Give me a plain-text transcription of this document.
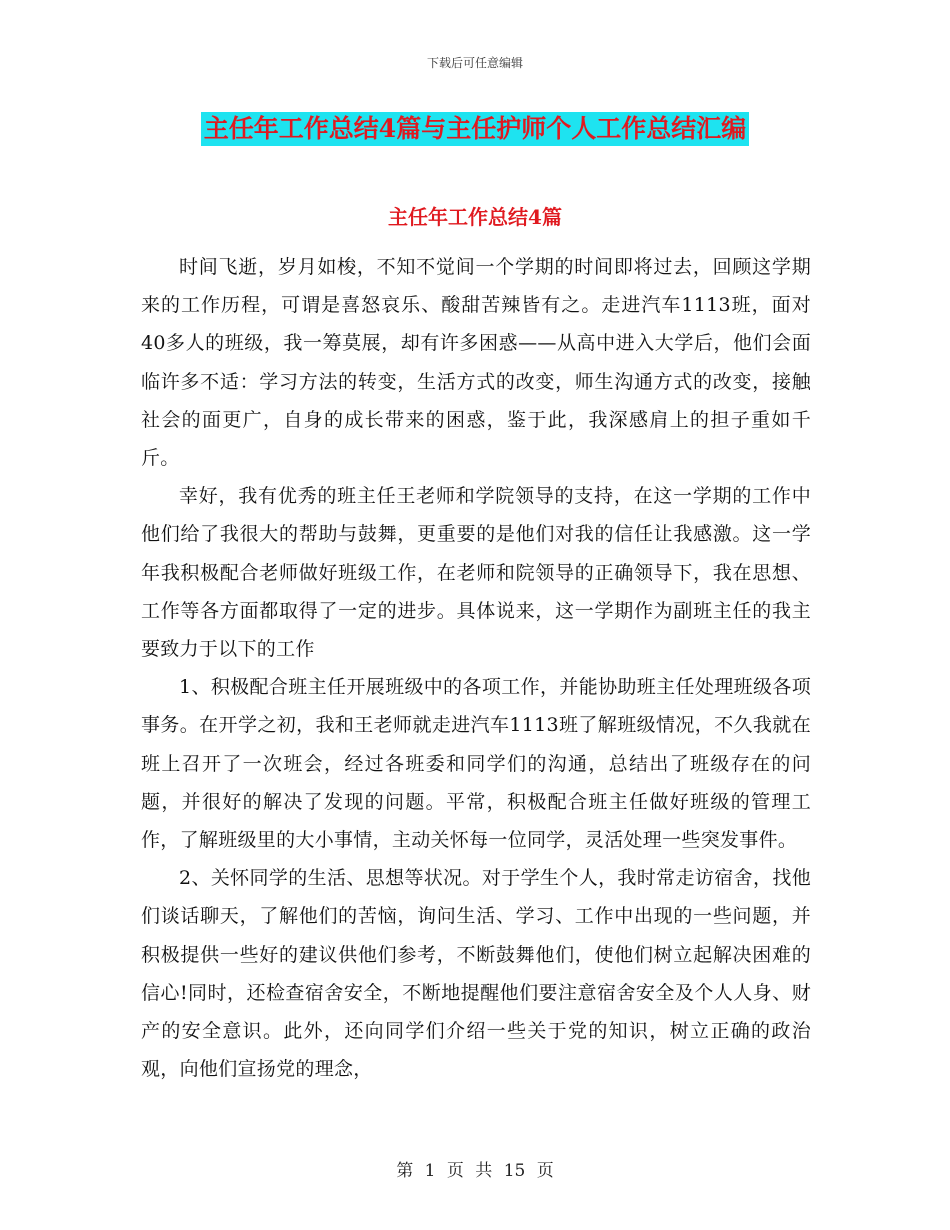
下载后可任意编辑
主任年工作总结4篇与主任护师个人工作总结汇编
主任年工作总结4篇

时间飞逝，岁月如梭，不知不觉间一个学期的时间即将过去，回顾这学期来的工作历程，可谓是喜怒哀乐、酸甜苦辣皆有之。走进汽车1113班，面对40多人的班级，我一筹莫展，却有许多困惑——从高中进入大学后，他们会面临许多不适：学习方法的转变，生活方式的改变，师生沟通方式的改变，接触社会的面更广，自身的成长带来的困惑，鉴于此，我深感肩上的担子重如千斤。

幸好，我有优秀的班主任王老师和学院领导的支持，在这一学期的工作中他们给了我很大的帮助与鼓舞，更重要的是他们对我的信任让我感激。这一学年我积极配合老师做好班级工作，在老师和院领导的正确领导下，我在思想、工作等各方面都取得了一定的进步。具体说来，这一学期作为副班主任的我主要致力于以下的工作

1、积极配合班主任开展班级中的各项工作，并能协助班主任处理班级各项事务。在开学之初，我和王老师就走进汽车1113班了解班级情况，不久我就在班上召开了一次班会，经过各班委和同学们的沟通，总结出了班级存在的问题，并很好的解决了发现的问题。平常，积极配合班主任做好班级的管理工作，了解班级里的大小事情，主动关怀每一位同学，灵活处理一些突发事件。

2、关怀同学的生活、思想等状况。对于学生个人，我时常走访宿舍，找他们谈话聊天，了解他们的苦恼，询问生活、学习、工作中出现的一些问题，并积极提供一些好的建议供他们参考，不断鼓舞他们，使他们树立起解决困难的信心!同时，还检查宿舍安全，不断地提醒他们要注意宿舍安全及个人人身、财产的安全意识。此外，还向同学们介绍一些关于党的知识，树立正确的政治观，向他们宣扬党的理念，

第 1 页 共 15 页
